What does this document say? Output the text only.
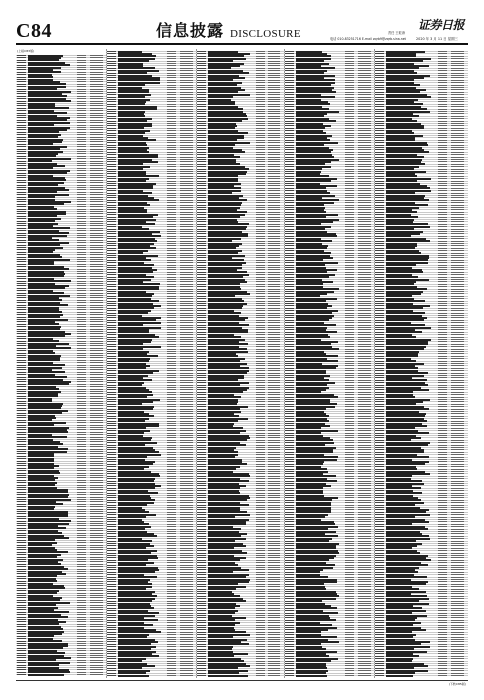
C84	信息披露 DISCLOSURE	责任 王乾涛
电话 010-83251716 E-mail zqrb9@zqrb.sina.net	2020 年 3 月 11 日 星期三
证券日报
(上接C83版)
(下转C85版)
